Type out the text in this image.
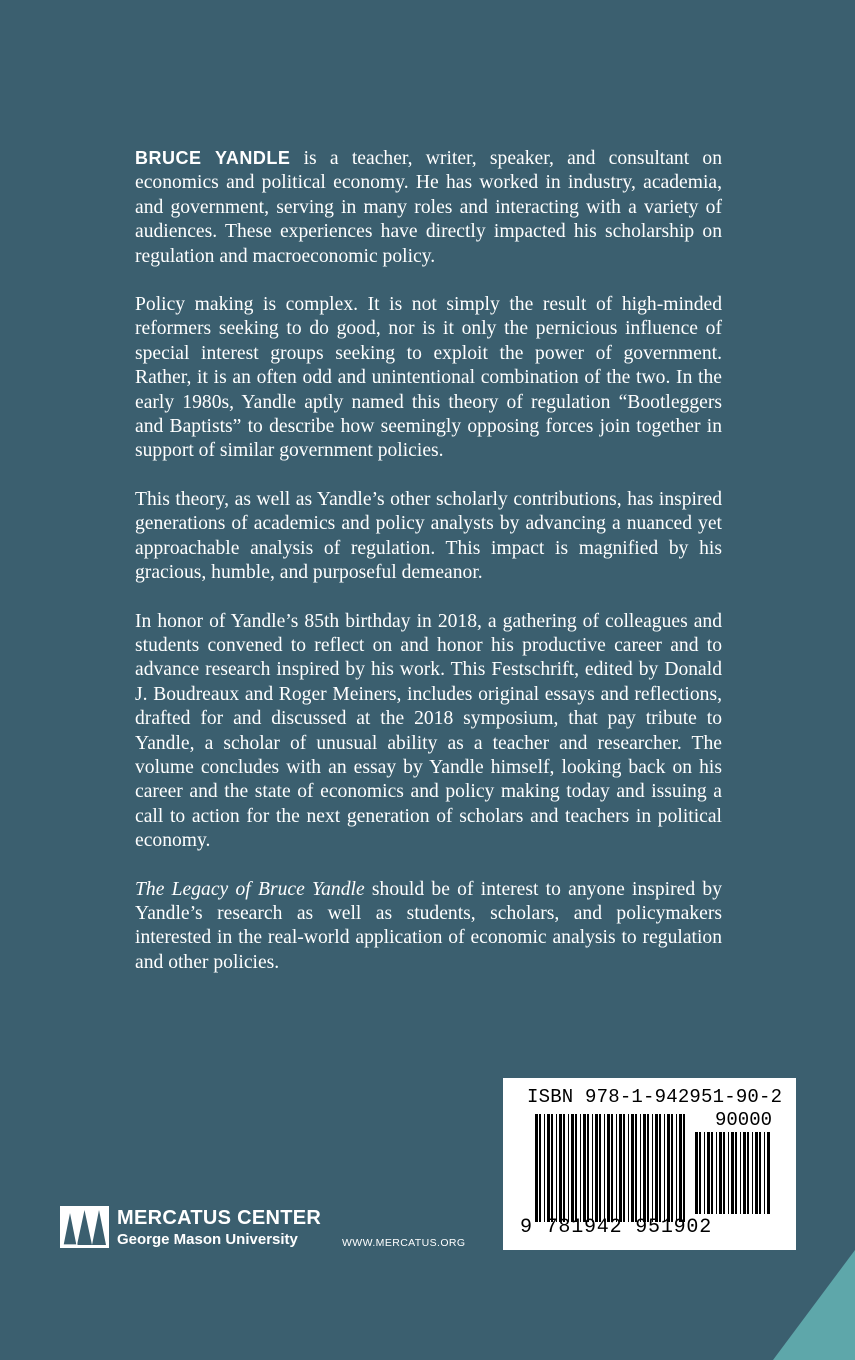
BRUCE YANDLE is a teacher, writer, speaker, and consultant on economics and political economy. He has worked in industry, academia, and government, serving in many roles and interacting with a variety of audiences. These experiences have directly impacted his scholarship on regulation and macroeconomic policy.

Policy making is complex. It is not simply the result of high-minded reformers seeking to do good, nor is it only the pernicious influence of special interest groups seeking to exploit the power of government. Rather, it is an often odd and unintentional combination of the two. In the early 1980s, Yandle aptly named this theory of regulation “Bootleggers and Baptists” to describe how seemingly opposing forces join together in support of similar government policies.

This theory, as well as Yandle’s other scholarly contributions, has inspired generations of academics and policy analysts by advancing a nuanced yet approachable analysis of regulation. This impact is magnified by his gracious, humble, and purposeful demeanor.

In honor of Yandle’s 85th birthday in 2018, a gathering of colleagues and students convened to reflect on and honor his productive career and to advance research inspired by his work. This Festschrift, edited by Donald J. Boudreaux and Roger Meiners, includes original essays and reflections, drafted for and discussed at the 2018 symposium, that pay tribute to Yandle, a scholar of unusual ability as a teacher and researcher. The volume concludes with an essay by Yandle himself, looking back on his career and the state of economics and policy making today and issuing a call to action for the next generation of scholars and teachers in political economy.

The Legacy of Bruce Yandle should be of interest to anyone inspired by Yandle’s research as well as students, scholars, and policymakers interested in the real-world application of economic analysis to regulation and other policies.

ISBN 978-1-942951-90-2
90000
9 781942 951902
MERCATUS CENTER
George Mason University	WWW.MERCATUS.ORG
